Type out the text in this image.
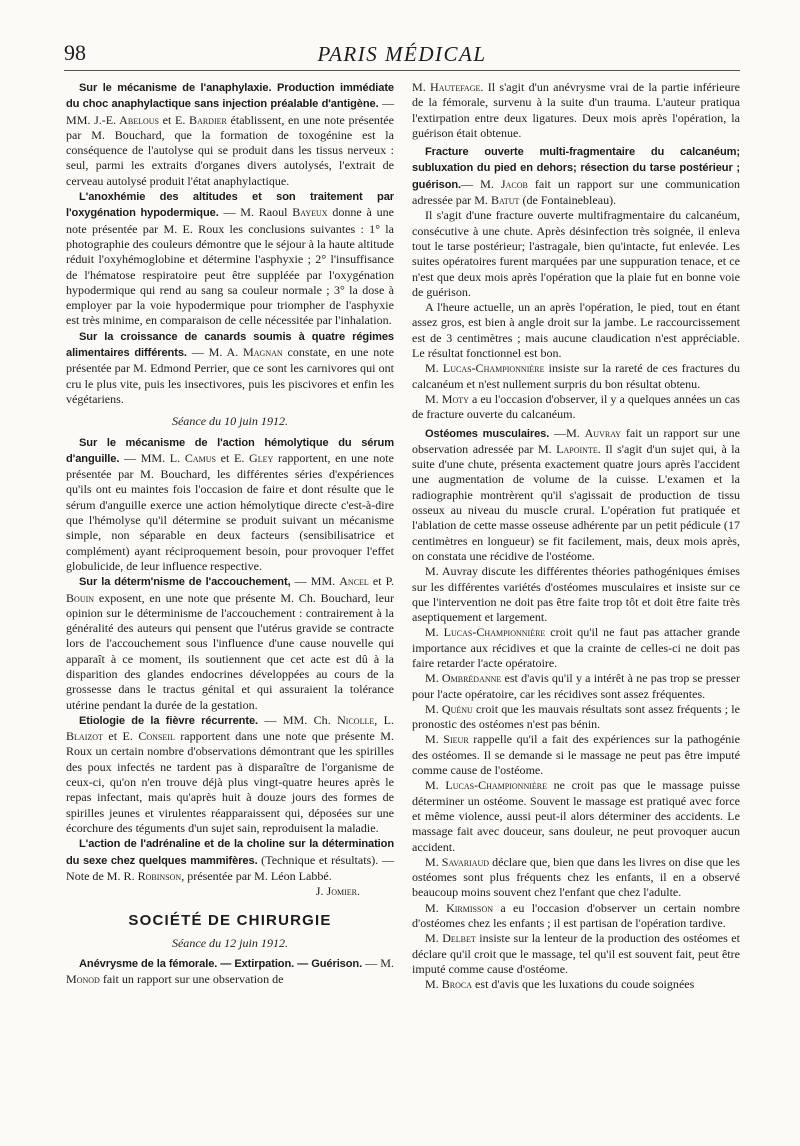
98	PARIS MÉDICAL

Sur le mécanisme de l'anaphylaxie. Production immédiate du choc anaphylactique sans injection préalable d'antigène. — MM. J.-E. Abelous et E. Bardier établissent, en une note présentée par M. Bouchard, que la formation de toxogénine est la conséquence de l'autolyse qui se produit dans les tissus nerveux : seul, parmi les extraits d'organes divers autolysés, l'extrait de cerveau autolysé produit l'état anaphylactique.

L'anoxhémie des altitudes et son traitement par l'oxygénation hypodermique. — M. Raoul Bayeux donne à une note présentée par M. E. Roux les conclusions suivantes : 1° la photographie des couleurs démontre que le séjour à la haute altitude réduit l'oxyhémoglobine et détermine l'asphyxie ; 2° l'insuffisance de l'hématose respiratoire peut être suppléée par l'oxygénation hypodermique qui rend au sang sa couleur normale ; 3° la dose à employer par la voie hypodermique pour triompher de l'asphyxie est très minime, en comparaison de celle nécessitée par l'inhalation.

Sur la croissance de canards soumis à quatre régimes alimentaires différents. — M. A. Magnan constate, en une note présentée par M. Edmond Perrier, que ce sont les carnivores qui ont cru le plus vite, puis les insectivores, puis les piscivores et enfin les végétariens.

Séance du 10 juin 1912.

Sur le mécanisme de l'action hémolytique du sérum d'anguille. — MM. L. Camus et E. Gley rapportent, en une note présentée par M. Bouchard, les différentes séries d'expériences qu'ils ont eu maintes fois l'occasion de faire et dont résulte que le sérum d'anguille exerce une action hémolytique directe c'est-à-dire que l'hémolyse qu'il détermine se produit suivant un mécanisme simple, non séparable en deux facteurs (sensibilisatrice et complément) ayant réciproquement besoin, pour provoquer l'effet globulicide, de leur influence respective.

Sur la déterm'nisme de l'accouchement, — MM. Ancel et P. Bouin exposent, en une note que présente M. Ch. Bouchard, leur opinion sur le déterminisme de l'accouchement : contrairement à la généralité des auteurs qui pensent que l'utérus gravide se contracte lors de l'accouchement sous l'influence d'une cause nouvelle qui apparaît à ce moment, ils soutiennent que cet acte est dû à la disparition des glandes endocrines développées au cours de la grossesse dans le tractus génital et qui assuraient la tolérance utérine pendant la durée de la gestation.

Etiologie de la fièvre récurrente. — MM. Ch. Nicolle, L. Blaizot et E. Conseil rapportent dans une note que présente M. Roux un certain nombre d'observations démontrant que les spirilles des poux infectés ne tardent pas à disparaître de l'organisme de ceux-ci, qu'on n'en trouve déjà plus vingt-quatre heures après le repas infectant, mais qu'après huit à douze jours des formes de spirilles jeunes et virulentes réapparaissent qui, déposées sur une écorchure des téguments d'un sujet sain, reproduisent la maladie.

L'action de l'adrénaline et de la choline sur la détermination du sexe chez quelques mammifères. (Technique et résultats). — Note de M. R. Robinson, présentée par M. Léon Labbé.
J. Jomier.

SOCIÉTÉ DE CHIRURGIE

Séance du 12 juin 1912.

Anévrysme de la fémorale. — Extirpation. — Guérison. — M. Monod fait un rapport sur une observation de

M. Hautefage. Il s'agit d'un anévrysme vrai de la partie inférieure de la fémorale, survenu à la suite d'un trauma. L'auteur pratiqua l'extirpation entre deux ligatures. Deux mois après l'opération, la guérison était obtenue.

Fracture ouverte multi-fragmentaire du calcanéum; subluxation du pied en dehors; résection du tarse postérieur ; guérison.— M. Jacob fait un rapport sur une communication adressée par M. Batut (de Fontainebleau).

Il s'agit d'une fracture ouverte multifragmentaire du calcanéum, consécutive à une chute. Après désinfection très soignée, il enleva tout le tarse postérieur; l'astragale, bien qu'intacte, fut enlevée. Les suites opératoires furent marquées par une suppuration tenace, et ce n'est que deux mois après l'opération que la plaie fut en bonne voie de guérison.

A l'heure actuelle, un an après l'opération, le pied, tout en étant assez gros, est bien à angle droit sur la jambe. Le raccourcissement est de 3 centimètres ; mais aucune claudication n'est appréciable. Le résultat fonctionnel est bon.

M. Lucas-Championnière insiste sur la rareté de ces fractures du calcanéum et n'est nullement surpris du bon résultat obtenu.

M. Moty a eu l'occasion d'observer, il y a quelques années un cas de fracture ouverte du calcanéum.

Ostéomes musculaires. —M. Auvray fait un rapport sur une observation adressée par M. Lapointe. Il s'agit d'un sujet qui, à la suite d'une chute, présenta exactement quatre jours après l'accident une augmentation de volume de la cuisse. L'examen et la radiographie montrèrent qu'il s'agissait de production de tissu osseux au niveau du muscle crural. L'opération fut pratiquée et l'ablation de cette masse osseuse adhérente par un petit pédicule (17 centimètres en longueur) se fit facilement, mais, deux mois après, on constata une récidive de l'ostéome.

M. Auvray discute les différentes théories pathogéniques émises sur les différentes variétés d'ostéomes musculaires et insiste sur ce que l'intervention ne doit pas être faite trop tôt et doit être faite très aseptiquement et largement.

M. Lucas-Championnière croit qu'il ne faut pas attacher grande importance aux récidives et que la crainte de celles-ci ne doit pas faire retarder l'acte opératoire.

M. Ombrédanne est d'avis qu'il y a intérêt à ne pas trop se presser pour l'acte opératoire, car les récidives sont assez fréquentes.

M. Quénu croit que les mauvais résultats sont assez fréquents ; le pronostic des ostéomes n'est pas bénin.

M. Sieur rappelle qu'il a fait des expériences sur la pathogénie des ostéomes. Il se demande si le massage ne peut pas être imputé comme cause de l'ostéome.

M. Lucas-Championnière ne croit pas que le massage puisse déterminer un ostéome. Souvent le massage est pratiqué avec force et même violence, aussi peut-il alors déterminer des accidents. Le massage fait avec douceur, sans douleur, ne peut provoquer aucun accident.

M. Savariaud déclare que, bien que dans les livres on dise que les ostéomes sont plus fréquents chez les enfants, il en a observé beaucoup moins souvent chez l'enfant que chez l'adulte.

M. Kirmisson a eu l'occasion d'observer un certain nombre d'ostéomes chez les enfants ; il est partisan de l'opération tardive.

M. Delbet insiste sur la lenteur de la production des ostéomes et déclare qu'il croit que le massage, tel qu'il est souvent fait, peut être imputé comme cause d'ostéome.

M. Broca est d'avis que les luxations du coude soignées
